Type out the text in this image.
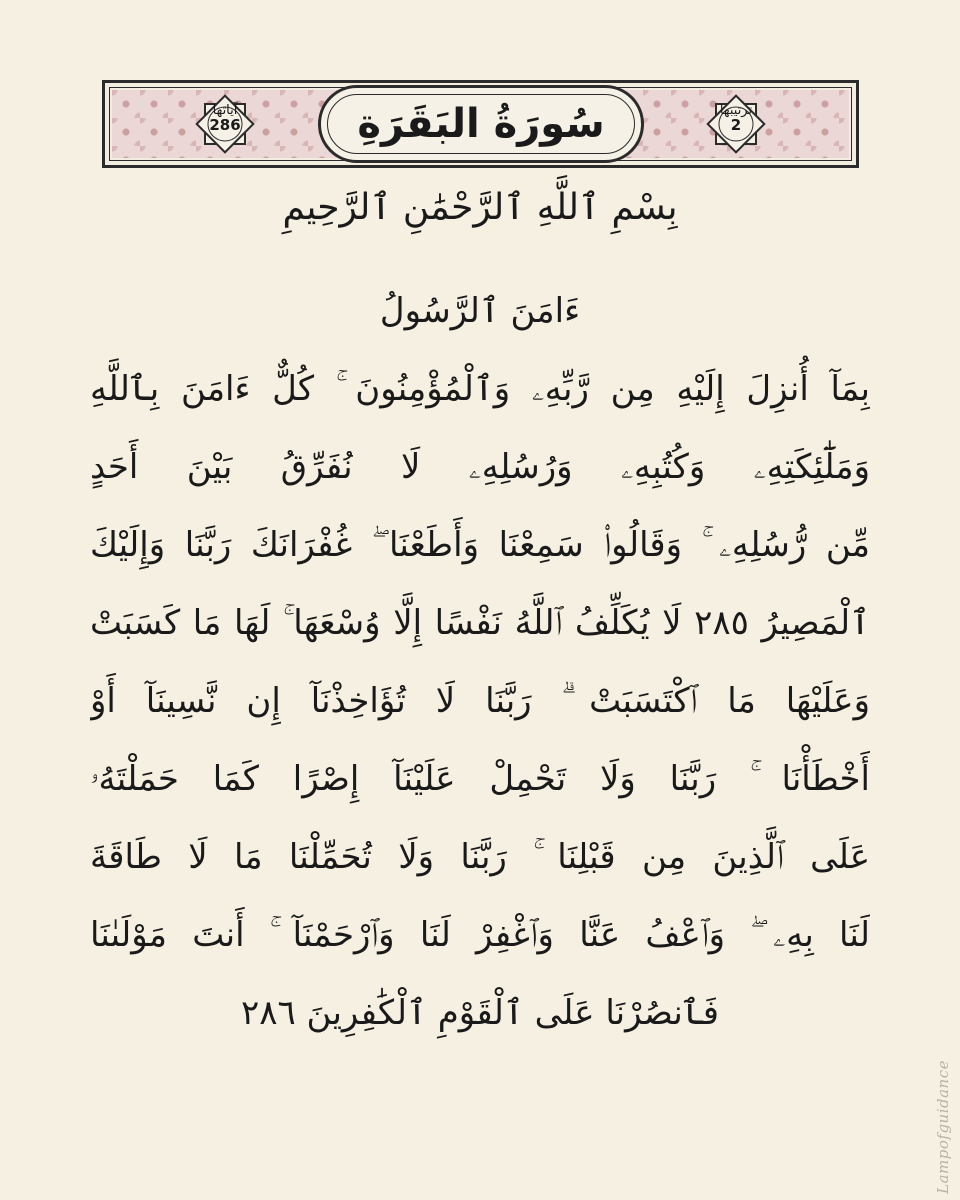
آياتها
286	سُورَةُ البَقَرَةِ	ترتيبها
2
بِسْمِ ٱللَّهِ ٱلرَّحْمَٰنِ ٱلرَّحِيمِ
ءَامَنَ ٱلرَّسُولُ
بِمَآ أُنزِلَ إِلَيْهِ مِن رَّبِّهِۦ وَٱلْمُؤْمِنُونَ ۚ كُلٌّ ءَامَنَ بِٱللَّهِ
وَمَلَٰٓئِكَتِهِۦ وَكُتُبِهِۦ وَرُسُلِهِۦ لَا نُفَرِّقُ بَيْنَ أَحَدٍ
مِّن رُّسُلِهِۦ ۚ وَقَالُوا۟ سَمِعْنَا وَأَطَعْنَا ۖ غُفْرَانَكَ رَبَّنَا وَإِلَيْكَ
ٱلْمَصِيرُ ٢٨٥ لَا يُكَلِّفُ ٱللَّهُ نَفْسًا إِلَّا وُسْعَهَا ۚ لَهَا مَا كَسَبَتْ
وَعَلَيْهَا مَا ٱكْتَسَبَتْ ۗ رَبَّنَا لَا تُؤَاخِذْنَآ إِن نَّسِينَآ أَوْ
أَخْطَأْنَا ۚ رَبَّنَا وَلَا تَحْمِلْ عَلَيْنَآ إِصْرًا كَمَا حَمَلْتَهُۥ
عَلَى ٱلَّذِينَ مِن قَبْلِنَا ۚ رَبَّنَا وَلَا تُحَمِّلْنَا مَا لَا طَاقَةَ
لَنَا بِهِۦ ۖ وَٱعْفُ عَنَّا وَٱغْفِرْ لَنَا وَٱرْحَمْنَآ ۚ أَنتَ مَوْلَىٰنَا
فَٱنصُرْنَا عَلَى ٱلْقَوْمِ ٱلْكَٰفِرِينَ ٢٨٦
Lampofguidance
